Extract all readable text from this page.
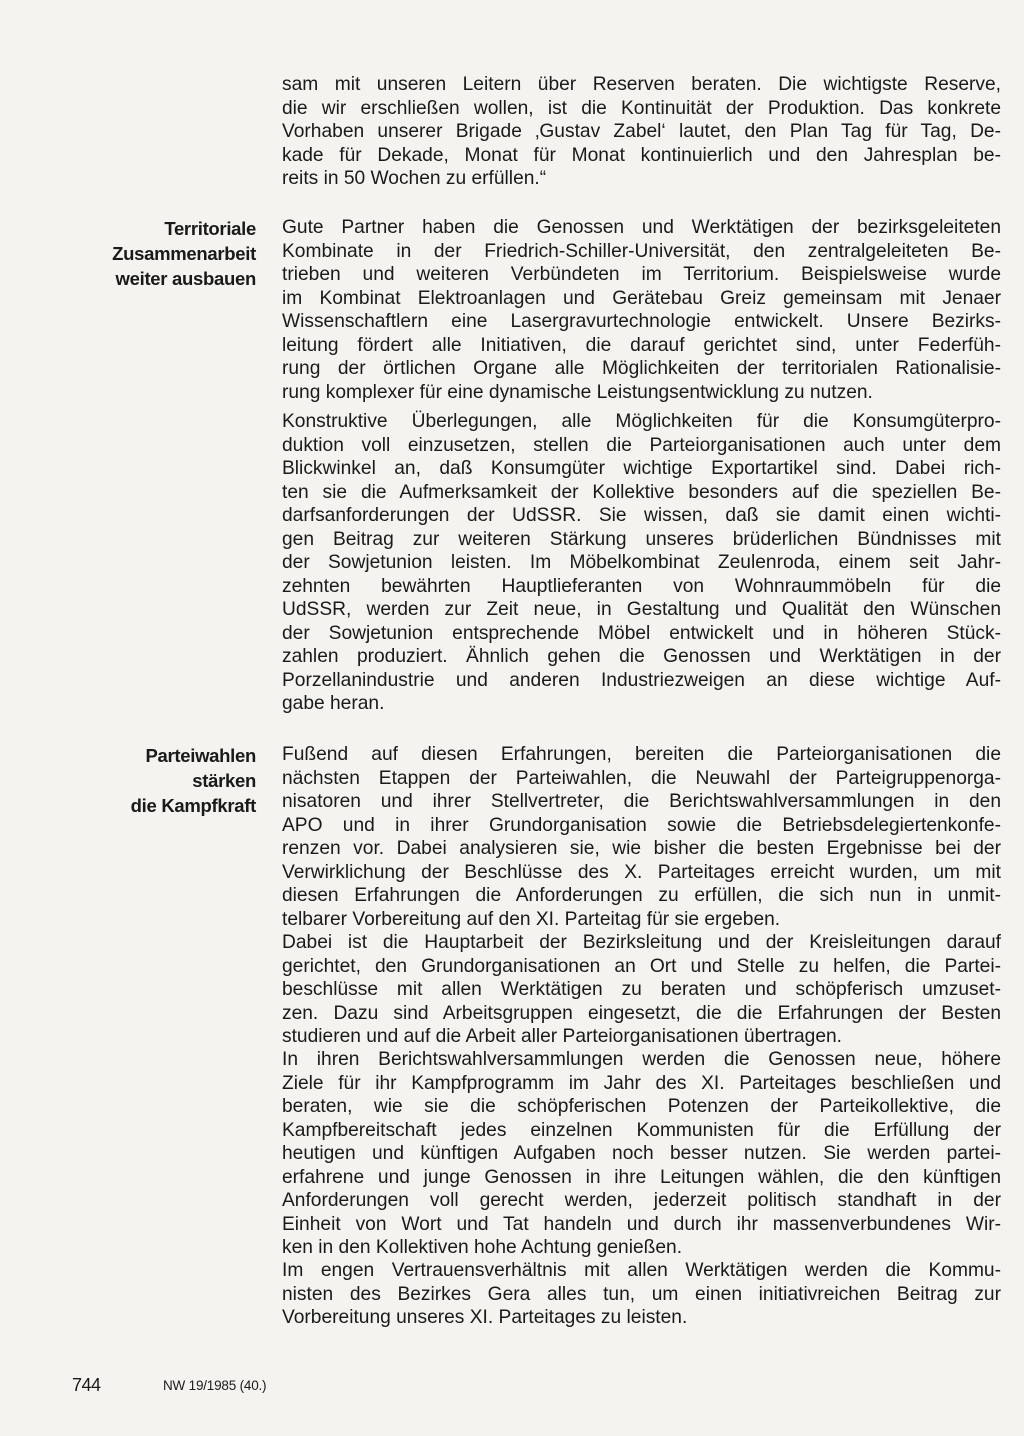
Territoriale
Zusammenarbeit
weiter ausbauen
Parteiwahlen
stärken
die Kampfkraft
sam mit unseren Leitern über Reserven beraten. Die wichtigste Reserve,
die wir erschließen wollen, ist die Kontinuität der Produktion. Das konkrete
Vorhaben unserer Brigade ‚Gustav Zabel‘ lautet, den Plan Tag für Tag, De-
kade für Dekade, Monat für Monat kontinuierlich und den Jahresplan be-
reits in 50 Wochen zu erfüllen.“
Gute Partner haben die Genossen und Werktätigen der bezirksgeleiteten
Kombinate in der Friedrich-Schiller-Universität, den zentralgeleiteten Be-
trieben und weiteren Verbündeten im Territorium. Beispielsweise wurde
im Kombinat Elektroanlagen und Gerätebau Greiz gemeinsam mit Jenaer
Wissenschaftlern eine Lasergravurtechnologie entwickelt. Unsere Bezirks-
leitung fördert alle Initiativen, die darauf gerichtet sind, unter Federfüh-
rung der örtlichen Organe alle Möglichkeiten der territorialen Rationalisie-
rung komplexer für eine dynamische Leistungsentwicklung zu nutzen.
Konstruktive Überlegungen, alle Möglichkeiten für die Konsumgüterpro-
duktion voll einzusetzen, stellen die Parteiorganisationen auch unter dem
Blickwinkel an, daß Konsumgüter wichtige Exportartikel sind. Dabei rich-
ten sie die Aufmerksamkeit der Kollektive besonders auf die speziellen Be-
darfsanforderungen der UdSSR. Sie wissen, daß sie damit einen wichti-
gen Beitrag zur weiteren Stärkung unseres brüderlichen Bündnisses mit
der Sowjetunion leisten. Im Möbelkombinat Zeulenroda, einem seit Jahr-
zehnten bewährten Hauptlieferanten von Wohnraummöbeln für die
UdSSR, werden zur Zeit neue, in Gestaltung und Qualität den Wünschen
der Sowjetunion entsprechende Möbel entwickelt und in höheren Stück-
zahlen produziert. Ähnlich gehen die Genossen und Werktätigen in der
Porzellanindustrie und anderen Industriezweigen an diese wichtige Auf-
gabe heran.
Fußend auf diesen Erfahrungen, bereiten die Parteiorganisationen die
nächsten Etappen der Parteiwahlen, die Neuwahl der Parteigruppenorga-
nisatoren und ihrer Stellvertreter, die Berichtswahlversammlungen in den
APO und in ihrer Grundorganisation sowie die Betriebsdelegiertenkonfe-
renzen vor. Dabei analysieren sie, wie bisher die besten Ergebnisse bei der
Verwirklichung der Beschlüsse des X. Parteitages erreicht wurden, um mit
diesen Erfahrungen die Anforderungen zu erfüllen, die sich nun in unmit-
telbarer Vorbereitung auf den XI. Parteitag für sie ergeben.
Dabei ist die Hauptarbeit der Bezirksleitung und der Kreisleitungen darauf
gerichtet, den Grundorganisationen an Ort und Stelle zu helfen, die Partei-
beschlüsse mit allen Werktätigen zu beraten und schöpferisch umzuset-
zen. Dazu sind Arbeitsgruppen eingesetzt, die die Erfahrungen der Besten
studieren und auf die Arbeit aller Parteiorganisationen übertragen.
In ihren Berichtswahlversammlungen werden die Genossen neue, höhere
Ziele für ihr Kampfprogramm im Jahr des XI. Parteitages beschließen und
beraten, wie sie die schöpferischen Potenzen der Parteikollektive, die
Kampfbereitschaft jedes einzelnen Kommunisten für die Erfüllung der
heutigen und künftigen Aufgaben noch besser nutzen. Sie werden partei-
erfahrene und junge Genossen in ihre Leitungen wählen, die den künftigen
Anforderungen voll gerecht werden, jederzeit politisch standhaft in der
Einheit von Wort und Tat handeln und durch ihr massenverbundenes Wir-
ken in den Kollektiven hohe Achtung genießen.
Im engen Vertrauensverhältnis mit allen Werktätigen werden die Kommu-
nisten des Bezirkes Gera alles tun, um einen initiativreichen Beitrag zur
Vorbereitung unseres XI. Parteitages zu leisten.
744	NW 19/1985 (40.)
